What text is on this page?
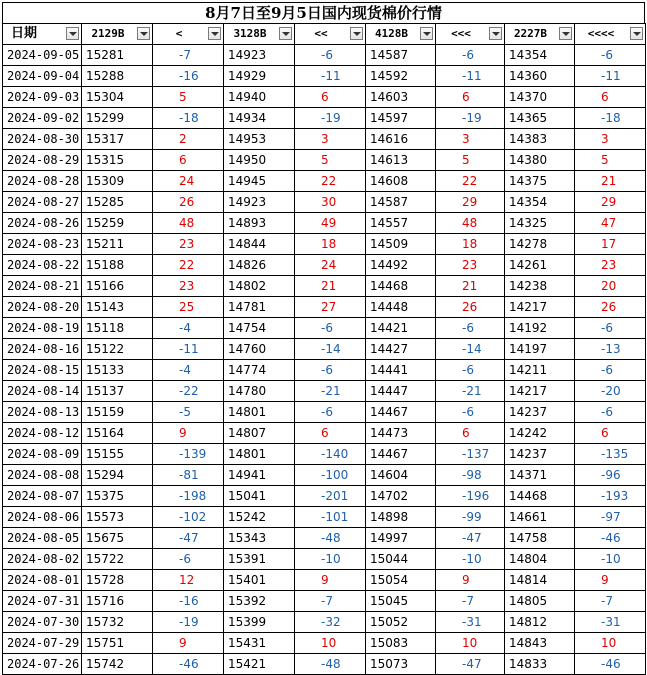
8月7日至9月5日国内现货棉价行情
日期	2129B	<	3128B	<<	4128B	<<<	2227B	<<<<

2024-09-05	15281	-7	14923	-6	14587	-6	14354	-6
2024-09-04	15288	-16	14929	-11	14592	-11	14360	-11
2024-09-03	15304	5	14940	6	14603	6	14370	6
2024-09-02	15299	-18	14934	-19	14597	-19	14365	-18
2024-08-30	15317	2	14953	3	14616	3	14383	3
2024-08-29	15315	6	14950	5	14613	5	14380	5
2024-08-28	15309	24	14945	22	14608	22	14375	21
2024-08-27	15285	26	14923	30	14587	29	14354	29
2024-08-26	15259	48	14893	49	14557	48	14325	47
2024-08-23	15211	23	14844	18	14509	18	14278	17
2024-08-22	15188	22	14826	24	14492	23	14261	23
2024-08-21	15166	23	14802	21	14468	21	14238	20
2024-08-20	15143	25	14781	27	14448	26	14217	26
2024-08-19	15118	-4	14754	-6	14421	-6	14192	-6
2024-08-16	15122	-11	14760	-14	14427	-14	14197	-13
2024-08-15	15133	-4	14774	-6	14441	-6	14211	-6
2024-08-14	15137	-22	14780	-21	14447	-21	14217	-20
2024-08-13	15159	-5	14801	-6	14467	-6	14237	-6
2024-08-12	15164	9	14807	6	14473	6	14242	6
2024-08-09	15155	-139	14801	-140	14467	-137	14237	-135
2024-08-08	15294	-81	14941	-100	14604	-98	14371	-96
2024-08-07	15375	-198	15041	-201	14702	-196	14468	-193
2024-08-06	15573	-102	15242	-101	14898	-99	14661	-97
2024-08-05	15675	-47	15343	-48	14997	-47	14758	-46
2024-08-02	15722	-6	15391	-10	15044	-10	14804	-10
2024-08-01	15728	12	15401	9	15054	9	14814	9
2024-07-31	15716	-16	15392	-7	15045	-7	14805	-7
2024-07-30	15732	-19	15399	-32	15052	-31	14812	-31
2024-07-29	15751	9	15431	10	15083	10	14843	10
2024-07-26	15742	-46	15421	-48	15073	-47	14833	-46
